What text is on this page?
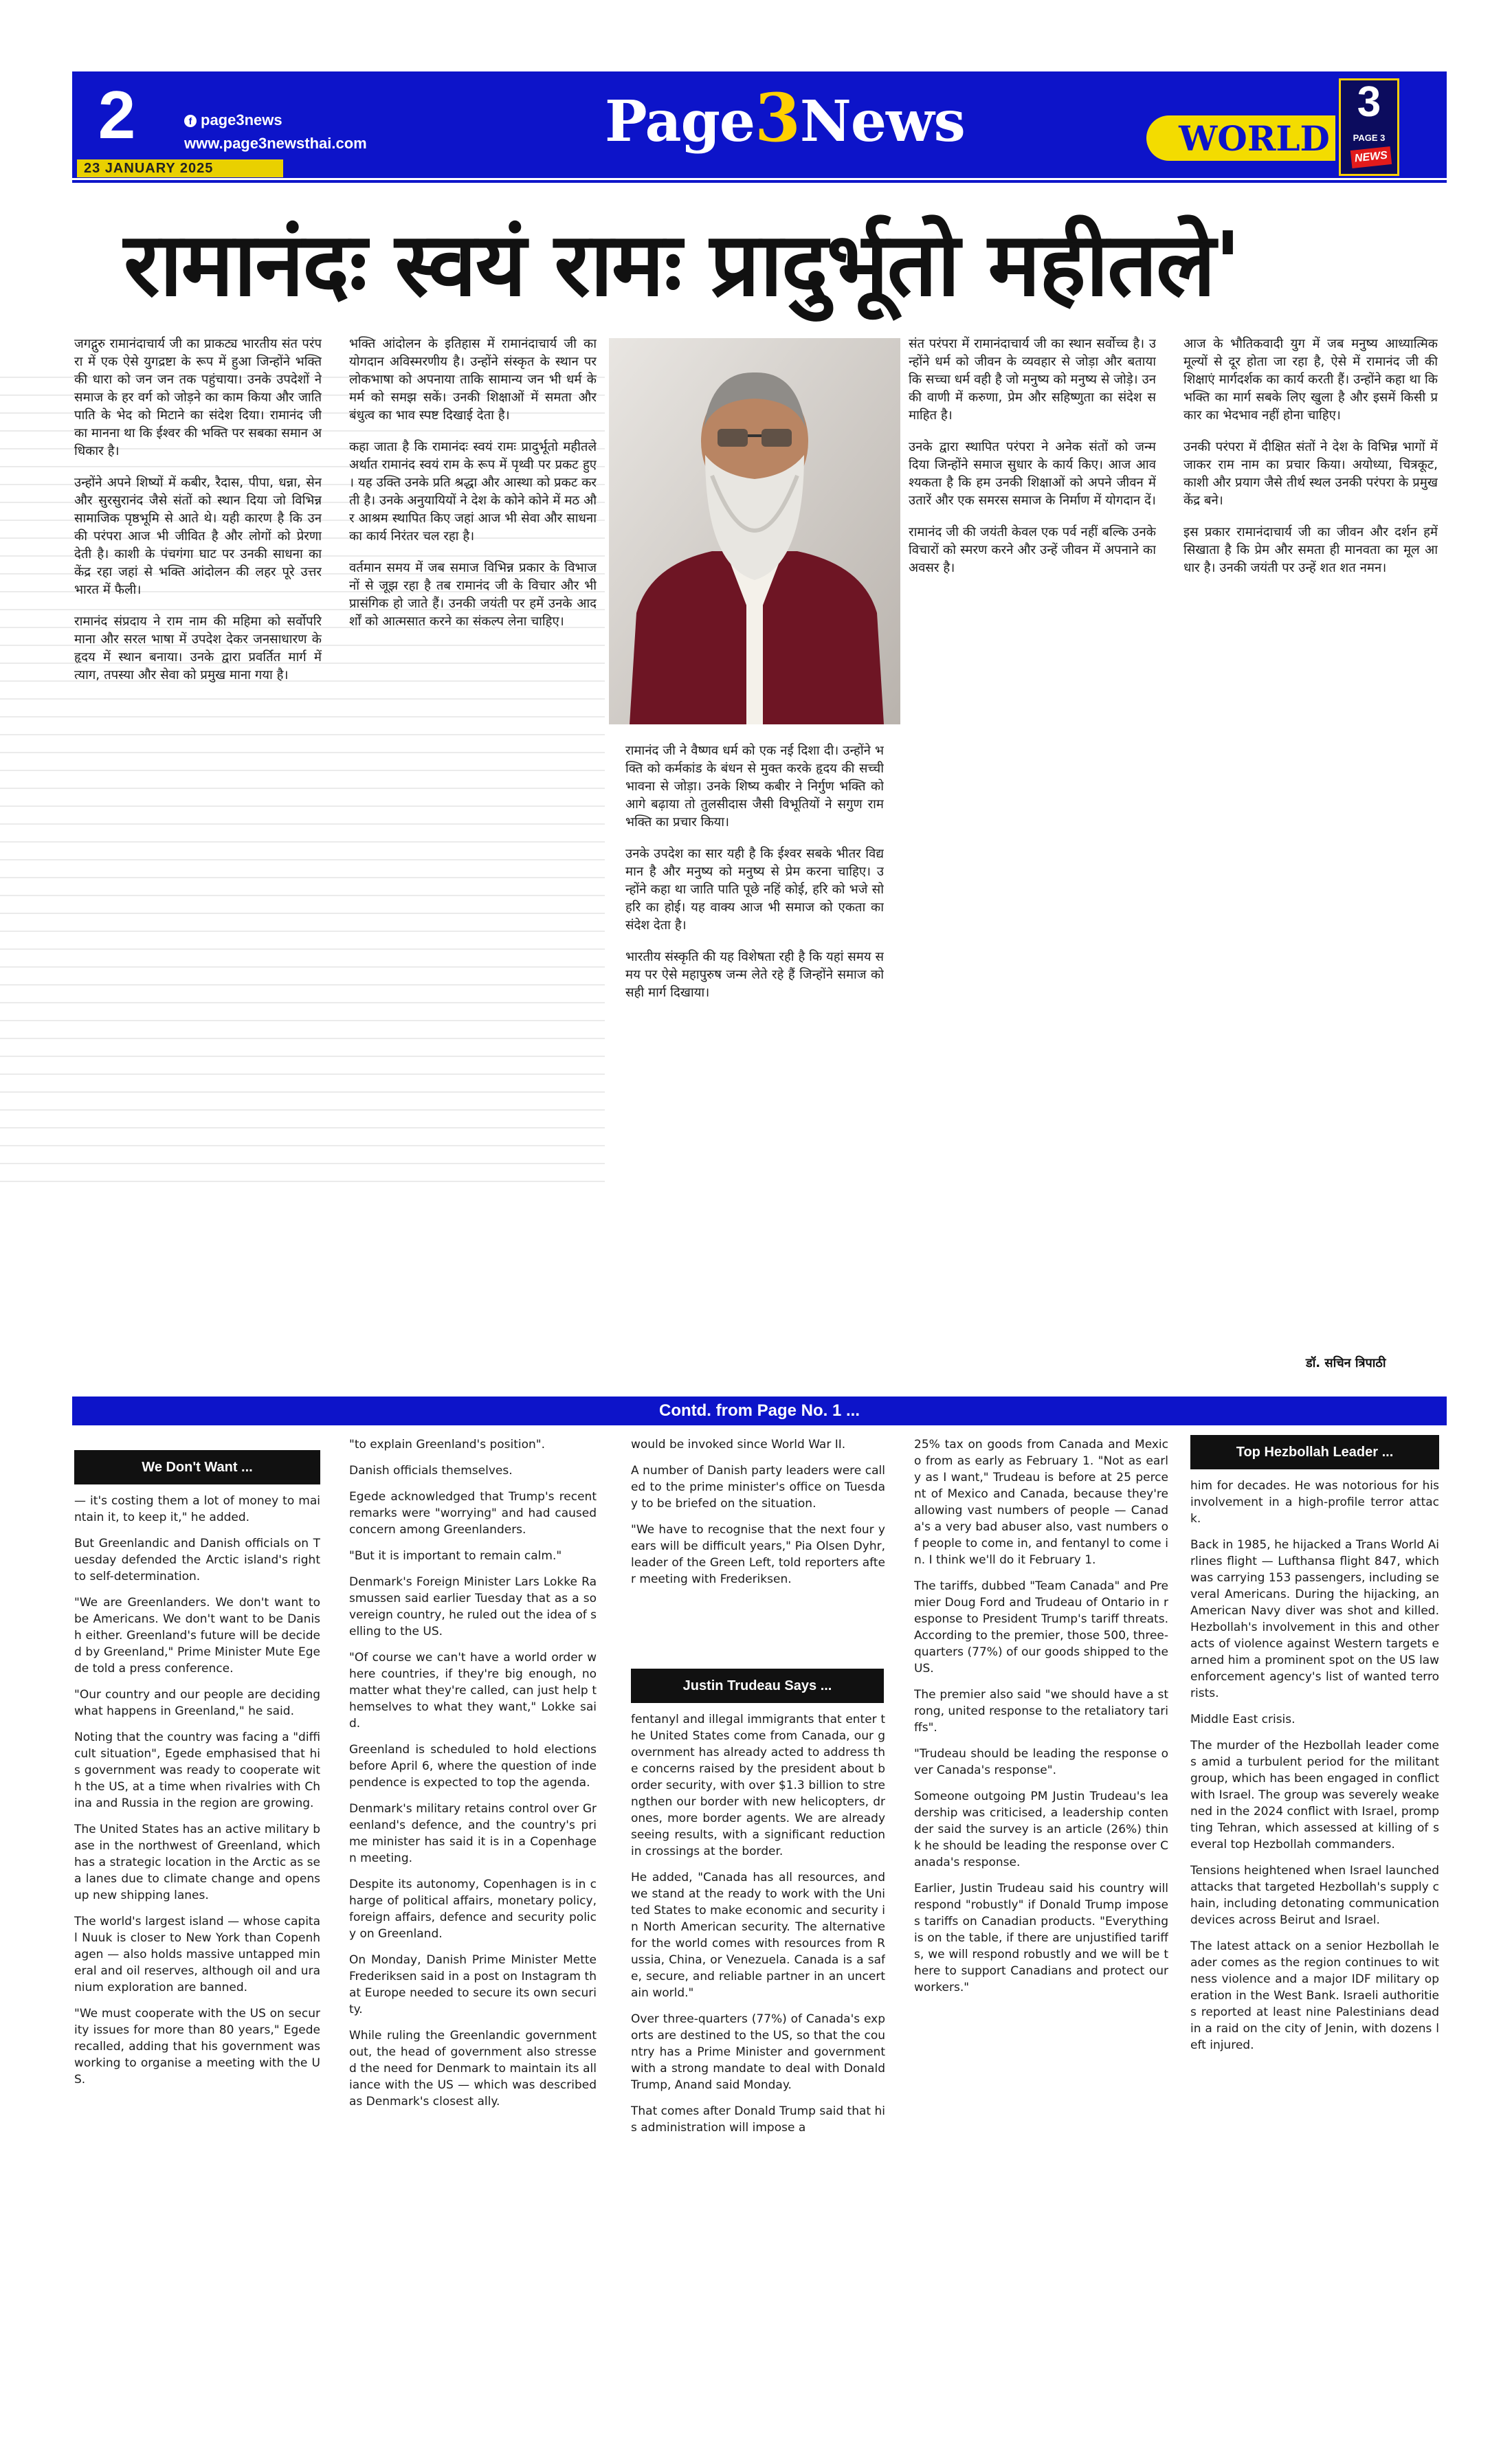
2	f page3news
www.page3newsthai.com
23 JANUARY 2025
Page3News	WORLD
3
PAGE 3
NEWS
रामानंदः स्वयं रामः प्रादुर्भूतो महीतले'

जगद्गुरु रामानंदाचार्य जी का प्राकट्य भारतीय संत परंपरा में एक ऐसे युगद्रष्टा के रूप में हुआ जिन्होंने भक्ति की धारा को जन जन तक पहुंचाया। उनके उपदेशों ने समाज के हर वर्ग को जोड़ने का काम किया और जाति पाति के भेद को मिटाने का संदेश दिया। रामानंद जी का मानना था कि ईश्वर की भक्ति पर सबका समान अधिकार है।

उन्होंने अपने शिष्यों में कबीर, रैदास, पीपा, धन्ना, सेन और सुरसुरानंद जैसे संतों को स्थान दिया जो विभिन्न सामाजिक पृष्ठभूमि से आते थे। यही कारण है कि उनकी परंपरा आज भी जीवित है और लोगों को प्रेरणा देती है। काशी के पंचगंगा घाट पर उनकी साधना का केंद्र रहा जहां से भक्ति आंदोलन की लहर पूरे उत्तर भारत में फैली।

रामानंद संप्रदाय ने राम नाम की महिमा को सर्वोपरि माना और सरल भाषा में उपदेश देकर जनसाधारण के हृदय में स्थान बनाया। उनके द्वारा प्रवर्तित मार्ग में त्याग, तपस्या और सेवा को प्रमुख माना गया है।

भक्ति आंदोलन के इतिहास में रामानंदाचार्य जी का योगदान अविस्मरणीय है। उन्होंने संस्कृत के स्थान पर लोकभाषा को अपनाया ताकि सामान्य जन भी धर्म के मर्म को समझ सकें। उनकी शिक्षाओं में समता और बंधुत्व का भाव स्पष्ट दिखाई देता है।

कहा जाता है कि रामानंदः स्वयं रामः प्रादुर्भूतो महीतले अर्थात रामानंद स्वयं राम के रूप में पृथ्वी पर प्रकट हुए। यह उक्ति उनके प्रति श्रद्धा और आस्था को प्रकट करती है। उनके अनुयायियों ने देश के कोने कोने में मठ और आश्रम स्थापित किए जहां आज भी सेवा और साधना का कार्य निरंतर चल रहा है।

वर्तमान समय में जब समाज विभिन्न प्रकार के विभाजनों से जूझ रहा है तब रामानंद जी के विचार और भी प्रासंगिक हो जाते हैं। उनकी जयंती पर हमें उनके आदर्शों को आत्मसात करने का संकल्प लेना चाहिए।

रामानंद जी ने वैष्णव धर्म को एक नई दिशा दी। उन्होंने भक्ति को कर्मकांड के बंधन से मुक्त करके हृदय की सच्ची भावना से जोड़ा। उनके शिष्य कबीर ने निर्गुण भक्ति को आगे बढ़ाया तो तुलसीदास जैसी विभूतियों ने सगुण राम भक्ति का प्रचार किया।

उनके उपदेश का सार यही है कि ईश्वर सबके भीतर विद्यमान है और मनुष्य को मनुष्य से प्रेम करना चाहिए। उन्होंने कहा था जाति पाति पूछे नहिं कोई, हरि को भजे सो हरि का होई। यह वाक्य आज भी समाज को एकता का संदेश देता है।

भारतीय संस्कृति की यह विशेषता रही है कि यहां समय समय पर ऐसे महापुरुष जन्म लेते रहे हैं जिन्होंने समाज को सही मार्ग दिखाया।

संत परंपरा में रामानंदाचार्य जी का स्थान सर्वोच्च है। उन्होंने धर्म को जीवन के व्यवहार से जोड़ा और बताया कि सच्चा धर्म वही है जो मनुष्य को मनुष्य से जोड़े। उनकी वाणी में करुणा, प्रेम और सहिष्णुता का संदेश समाहित है।

उनके द्वारा स्थापित परंपरा ने अनेक संतों को जन्म दिया जिन्होंने समाज सुधार के कार्य किए। आज आवश्यकता है कि हम उनकी शिक्षाओं को अपने जीवन में उतारें और एक समरस समाज के निर्माण में योगदान दें।

रामानंद जी की जयंती केवल एक पर्व नहीं बल्कि उनके विचारों को स्मरण करने और उन्हें जीवन में अपनाने का अवसर है।

आज के भौतिकवादी युग में जब मनुष्य आध्यात्मिक मूल्यों से दूर होता जा रहा है, ऐसे में रामानंद जी की शिक्षाएं मार्गदर्शक का कार्य करती हैं। उन्होंने कहा था कि भक्ति का मार्ग सबके लिए खुला है और इसमें किसी प्रकार का भेदभाव नहीं होना चाहिए।

उनकी परंपरा में दीक्षित संतों ने देश के विभिन्न भागों में जाकर राम नाम का प्रचार किया। अयोध्या, चित्रकूट, काशी और प्रयाग जैसे तीर्थ स्थल उनकी परंपरा के प्रमुख केंद्र बने।

इस प्रकार रामानंदाचार्य जी का जीवन और दर्शन हमें सिखाता है कि प्रेम और समता ही मानवता का मूल आधार है। उनकी जयंती पर उन्हें शत शत नमन।

डॉ. सचिन त्रिपाठी
Contd. from Page No. 1 ...
We Don't Want ...

— it's costing them a lot of money to maintain it, to keep it," he added.

But Greenlandic and Danish officials on Tuesday defended the Arctic island's right to self-determination.

"We are Greenlanders. We don't want to be Americans. We don't want to be Danish either. Greenland's future will be decided by Greenland," Prime Minister Mute Egede told a press conference.

"Our country and our people are deciding what happens in Greenland," he said.

Noting that the country was facing a "difficult situation", Egede emphasised that his government was ready to cooperate with the US, at a time when rivalries with China and Russia in the region are growing.

The United States has an active military base in the northwest of Greenland, which has a strategic location in the Arctic as sea lanes due to climate change and opens up new shipping lanes.

The world's largest island — whose capital Nuuk is closer to New York than Copenhagen — also holds massive untapped mineral and oil reserves, although oil and uranium exploration are banned.

"We must cooperate with the US on security issues for more than 80 years," Egede recalled, adding that his government was working to organise a meeting with the US.

"to explain Greenland's position".

Danish officials themselves.

Egede acknowledged that Trump's recent remarks were "worrying" and had caused concern among Greenlanders.

"But it is important to remain calm."

Denmark's Foreign Minister Lars Lokke Rasmussen said earlier Tuesday that as a sovereign country, he ruled out the idea of selling to the US.

"Of course we can't have a world order where countries, if they're big enough, no matter what they're called, can just help themselves to what they want," Lokke said.

Greenland is scheduled to hold elections before April 6, where the question of independence is expected to top the agenda.

Denmark's military retains control over Greenland's defence, and the country's prime minister has said it is in a Copenhagen meeting.

Despite its autonomy, Copenhagen is in charge of political affairs, monetary policy, foreign affairs, defence and security policy on Greenland.

On Monday, Danish Prime Minister Mette Frederiksen said in a post on Instagram that Europe needed to secure its own security.

While ruling the Greenlandic government out, the head of government also stressed the need for Denmark to maintain its alliance with the US — which was described as Denmark's closest ally.

would be invoked since World War II.

A number of Danish party leaders were called to the prime minister's office on Tuesday to be briefed on the situation.

"We have to recognise that the next four years will be difficult years," Pia Olsen Dyhr, leader of the Green Left, told reporters after meeting with Frederiksen.

Justin Trudeau Says ...

fentanyl and illegal immigrants that enter the United States come from Canada, our government has already acted to address the concerns raised by the president about border security, with over $1.3 billion to strengthen our border with new helicopters, drones, more border agents. We are already seeing results, with a significant reduction in crossings at the border.

He added, "Canada has all resources, and we stand at the ready to work with the United States to make economic and security in North American security. The alternative for the world comes with resources from Russia, China, or Venezuela. Canada is a safe, secure, and reliable partner in an uncertain world."

Over three-quarters (77%) of Canada's exports are destined to the US, so that the country has a Prime Minister and government with a strong mandate to deal with Donald Trump, Anand said Monday.

That comes after Donald Trump said that his administration will impose a

25% tax on goods from Canada and Mexico from as early as February 1. "Not as early as I want," Trudeau is before at 25 percent of Mexico and Canada, because they're allowing vast numbers of people — Canada's a very bad abuser also, vast numbers of people to come in, and fentanyl to come in. I think we'll do it February 1.

The tariffs, dubbed "Team Canada" and Premier Doug Ford and Trudeau of Ontario in response to President Trump's tariff threats. According to the premier, those 500, three-quarters (77%) of our goods shipped to the US.

The premier also said "we should have a strong, united response to the retaliatory tariffs".

"Trudeau should be leading the response over Canada's response".

Someone outgoing PM Justin Trudeau's leadership was criticised, a leadership contender said the survey is an article (26%) think he should be leading the response over Canada's response.

Earlier, Justin Trudeau said his country will respond "robustly" if Donald Trump imposes tariffs on Canadian products. "Everything is on the table, if there are unjustified tariffs, we will respond robustly and we will be there to support Canadians and protect our workers."

Top Hezbollah Leader ...

him for decades. He was notorious for his involvement in a high-profile terror attack.

Back in 1985, he hijacked a Trans World Airlines flight — Lufthansa flight 847, which was carrying 153 passengers, including several Americans. During the hijacking, an American Navy diver was shot and killed. Hezbollah's involvement in this and other acts of violence against Western targets earned him a prominent spot on the US law enforcement agency's list of wanted terrorists.

Middle East crisis.

The murder of the Hezbollah leader comes amid a turbulent period for the militant group, which has been engaged in conflict with Israel. The group was severely weakened in the 2024 conflict with Israel, prompting Tehran, which assessed at killing of several top Hezbollah commanders.

Tensions heightened when Israel launched attacks that targeted Hezbollah's supply chain, including detonating communication devices across Beirut and Israel.

The latest attack on a senior Hezbollah leader comes as the region continues to witness violence and a major IDF military operation in the West Bank. Israeli authorities reported at least nine Palestinians dead in a raid on the city of Jenin, with dozens left injured.
